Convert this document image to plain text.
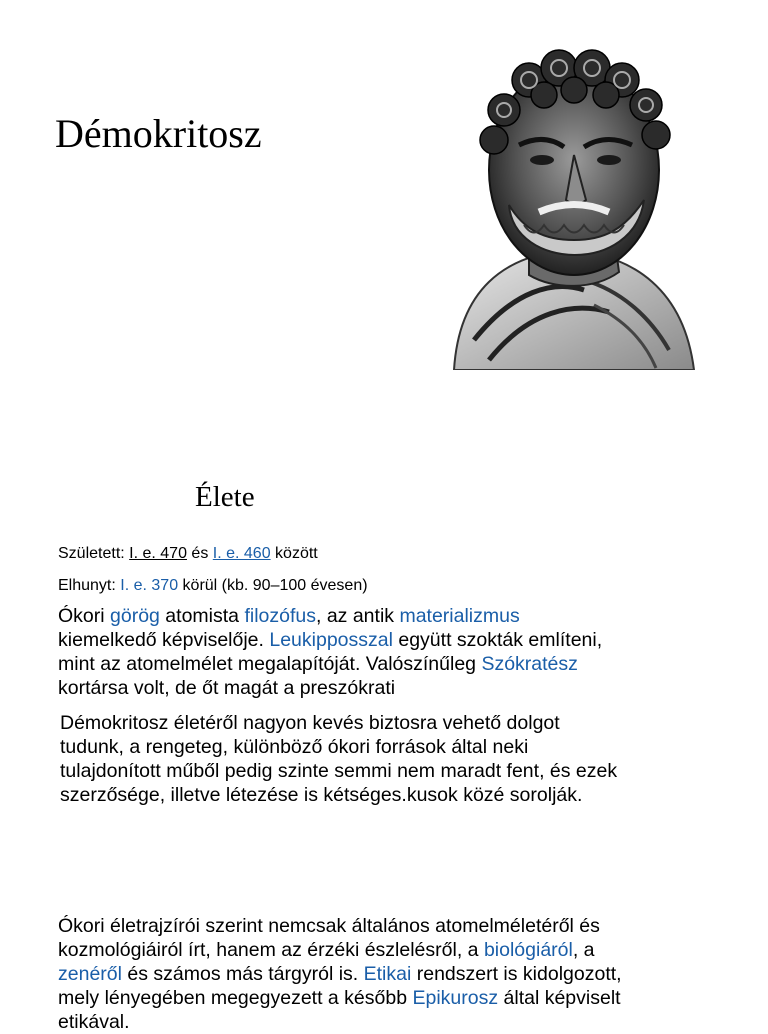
Démokritosz
Élete
Született: I. e. 470 és I. e. 460 között
Elhunyt: I. e. 370 körül (kb. 90–100 évesen)
Ókori görög atomista filozófus, az antik materializmus
kiemelkedő képviselője. Leukipposszal együtt szokták említeni,
mint az atomelmélet megalapítóját. Valószínűleg Szókratész
kortársa volt, de őt magát a preszókrati
Démokritosz életéről nagyon kevés biztosra vehető dolgot
tudunk, a rengeteg, különböző ókori források által neki
tulajdonított műből pedig szinte semmi nem maradt fent, és ezek
szerzősége, illetve létezése is kétséges.kusok közé sorolják.
Ókori életrajzírói szerint nemcsak általános atomelméletéről és
kozmológiáiról írt, hanem az érzéki észlelésről, a biológiáról, a
zenéről és számos más tárgyról is. Etikai rendszert is kidolgozott,
mely lényegében megegyezett a később Epikurosz által képviselt
etikával.
